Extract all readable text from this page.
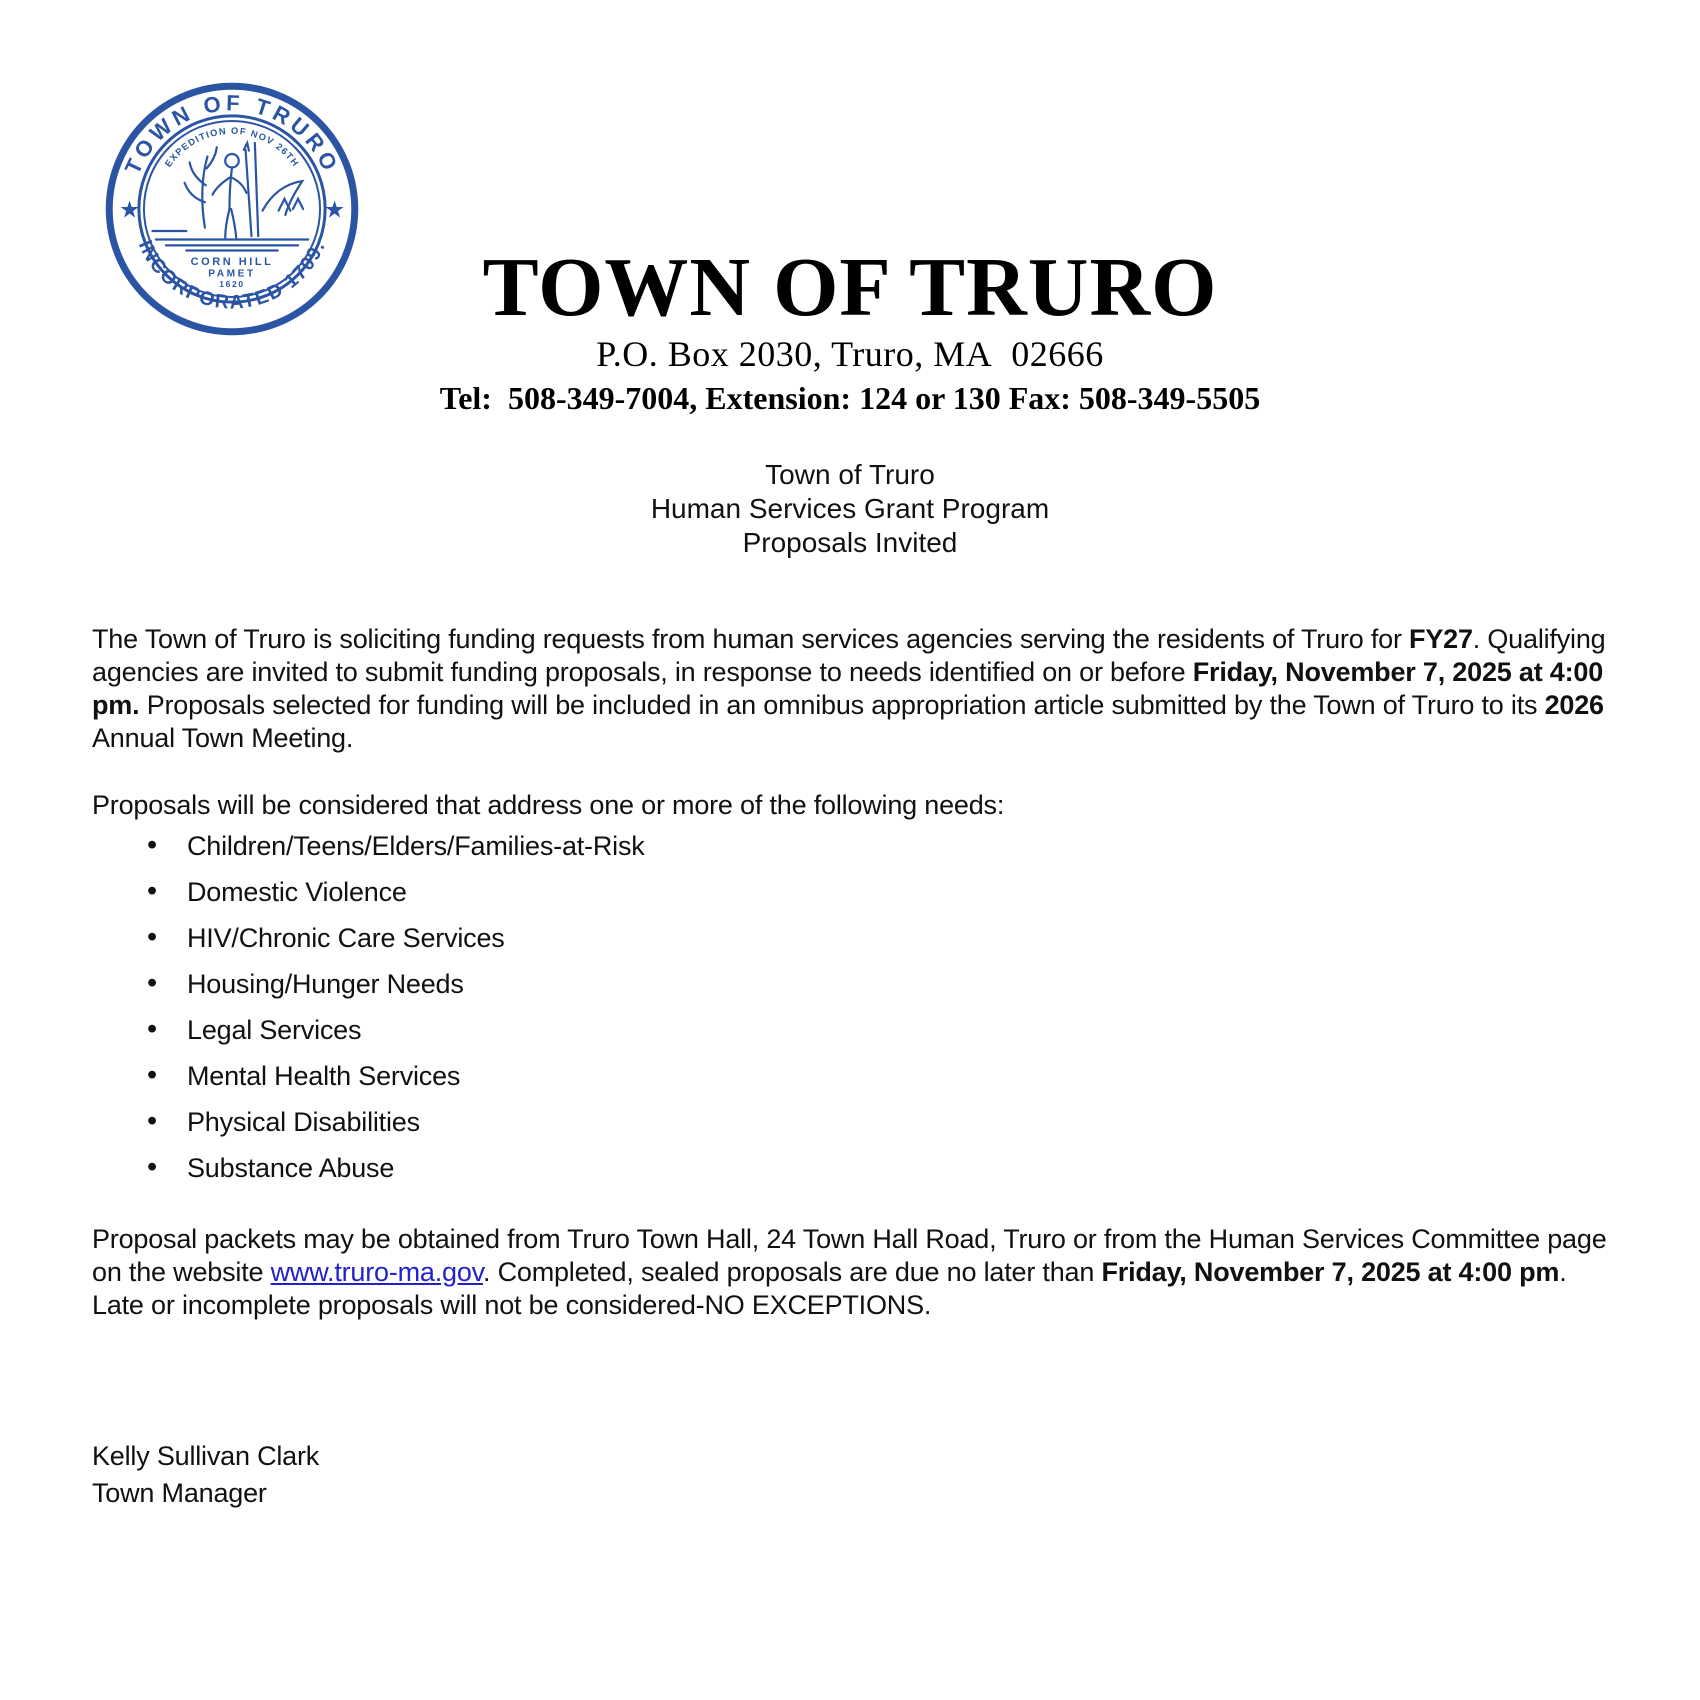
TOWN OF TRURO
INCORPORATED 1709.
EXPEDITION OF NOV 26TH
★	★
CORN HILL
PAMET
1620	TOWN OF TRURO
P.O. Box 2030, Truro, MA  02666
Tel:  508-349-7004, Extension: 124 or 130 Fax: 508-349-5505
Town of Truro
Human Services Grant Program
Proposals Invited

The Town of Truro is soliciting funding requests from human services agencies serving the residents of Truro for FY27. Qualifying agencies are invited to submit funding proposals, in response to needs identified on or before Friday, November 7, 2025 at 4:00 pm. Proposals selected for funding will be included in an omnibus appropriation article submitted by the Town of Truro to its 2026 Annual Town Meeting.

Proposals will be considered that address one or more of the following needs:

• Children/Teens/Elders/Families-at-Risk
• Domestic Violence
• HIV/Chronic Care Services
• Housing/Hunger Needs
• Legal Services
• Mental Health Services
• Physical Disabilities
• Substance Abuse

Proposal packets may be obtained from Truro Town Hall, 24 Town Hall Road, Truro or from the Human Services Committee page on the website www.truro-ma.gov. Completed, sealed proposals are due no later than Friday, November 7, 2025 at 4:00 pm. Late or incomplete proposals will not be considered-NO EXCEPTIONS.

Kelly Sullivan Clark
Town Manager
